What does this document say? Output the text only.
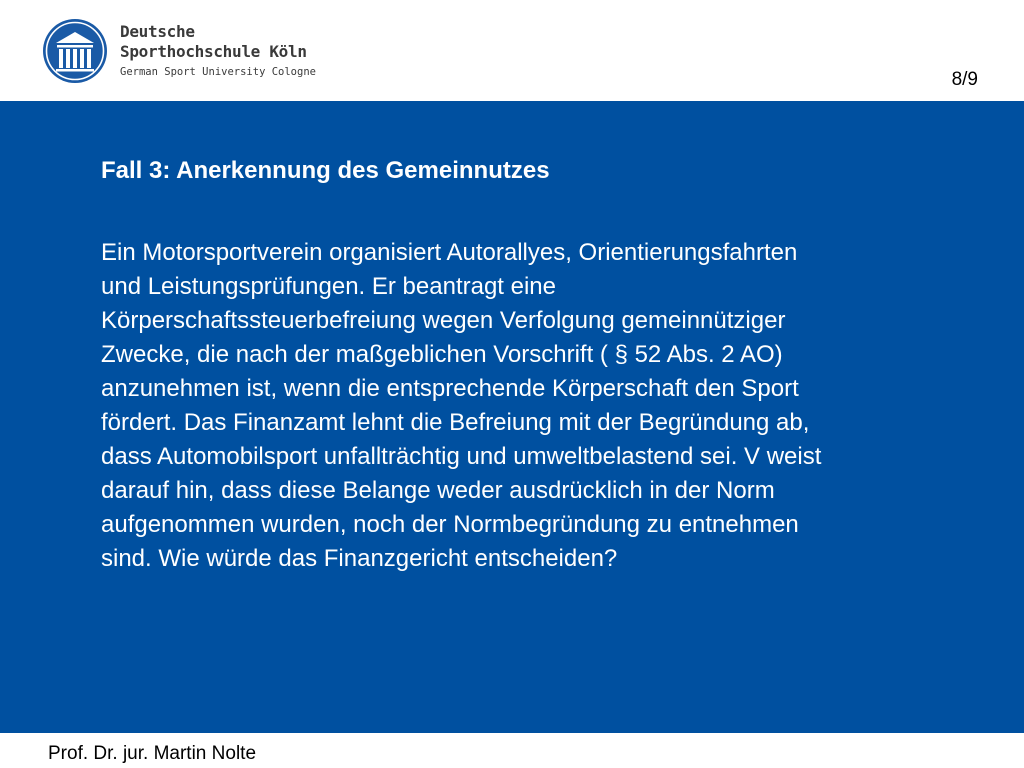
Deutsche
Sporthochschule Köln
German Sport University Cologne	8/9
Fall 3: Anerkennung des Gemeinnutzes
Ein Motorsportverein organisiert Autorallyes, Orientierungsfahrten
und Leistungsprüfungen. Er beantragt eine
Körperschaftssteuerbefreiung wegen Verfolgung gemeinnütziger
Zwecke, die nach der maßgeblichen Vorschrift ( § 52 Abs. 2 AO)
anzunehmen ist, wenn die entsprechende Körperschaft den Sport
fördert. Das Finanzamt lehnt die Befreiung mit der Begründung ab,
dass Automobilsport unfallträchtig und umweltbelastend sei. V weist
darauf hin, dass diese Belange weder ausdrücklich in der Norm
aufgenommen wurden, noch der Normbegründung zu entnehmen
sind. Wie würde das Finanzgericht entscheiden?
Prof. Dr. jur. Martin Nolte
